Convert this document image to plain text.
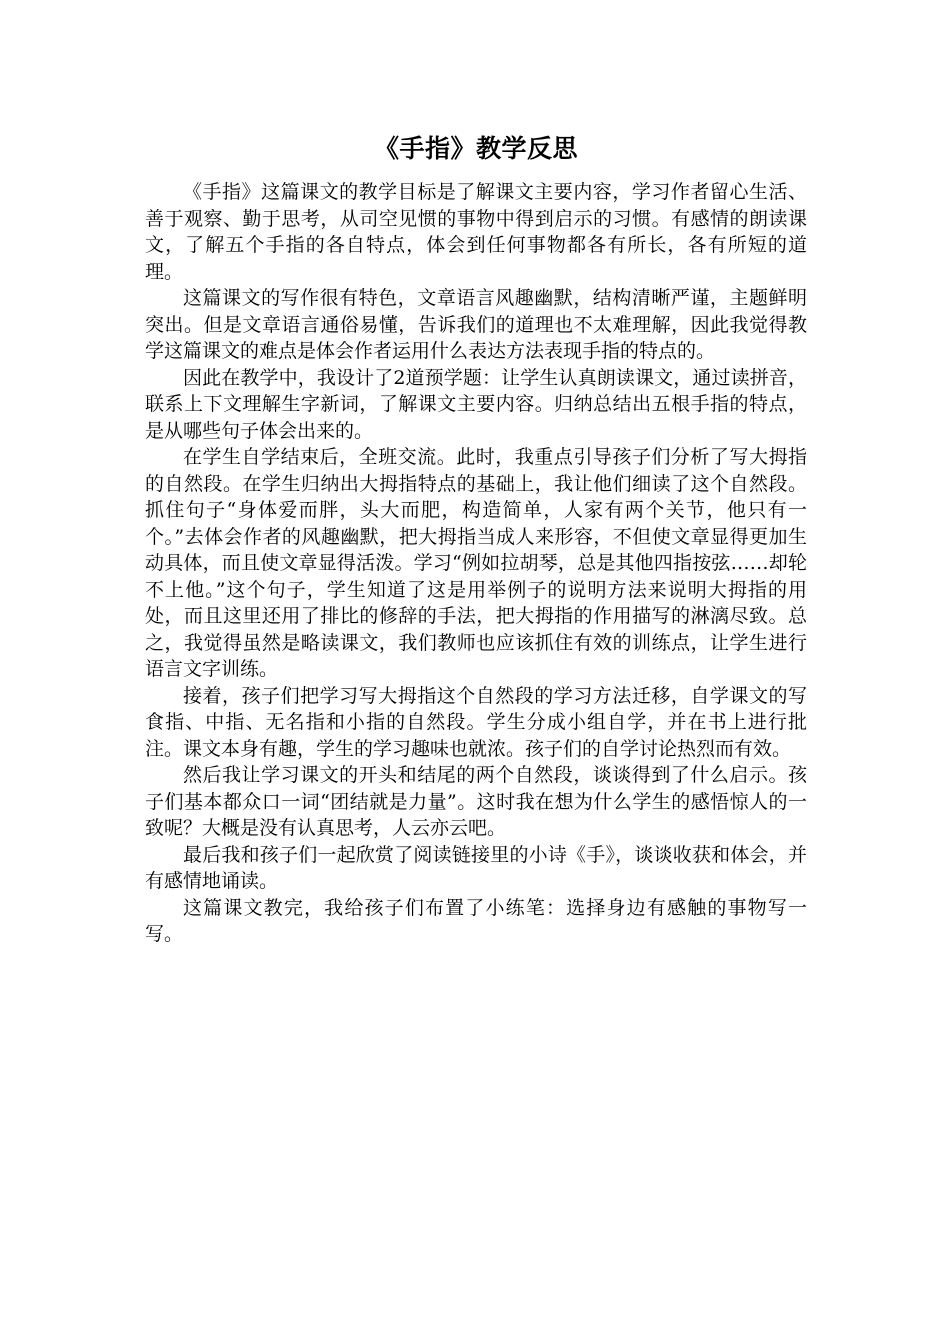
《手指》教学反思

《手指》这篇课文的教学目标是了解课文主要内容，学习作者留心生活、善于观察、勤于思考，从司空见惯的事物中得到启示的习惯。有感情的朗读课文，了解五个手指的各自特点，体会到任何事物都各有所长，各有所短的道理。

这篇课文的写作很有特色，文章语言风趣幽默，结构清晰严谨，主题鲜明突出。但是文章语言通俗易懂，告诉我们的道理也不太难理解，因此我觉得教学这篇课文的难点是体会作者运用什么表达方法表现手指的特点的。

因此在教学中，我设计了2道预学题：让学生认真朗读课文，通过读拼音，联系上下文理解生字新词，了解课文主要内容。归纳总结出五根手指的特点，是从哪些句子体会出来的。

在学生自学结束后，全班交流。此时，我重点引导孩子们分析了写大拇指的自然段。在学生归纳出大拇指特点的基础上，我让他们细读了这个自然段。抓住句子“身体爱而胖，头大而肥，构造简单，人家有两个关节，他只有一个。”去体会作者的风趣幽默，把大拇指当成人来形容，不但使文章显得更加生动具体，而且使文章显得活泼。学习“例如拉胡琴，总是其他四指按弦……却轮不上他。”这个句子，学生知道了这是用举例子的说明方法来说明大拇指的用处，而且这里还用了排比的修辞的手法，把大拇指的作用描写的淋漓尽致。总之，我觉得虽然是略读课文，我们教师也应该抓住有效的训练点，让学生进行语言文字训练。

接着，孩子们把学习写大拇指这个自然段的学习方法迁移，自学课文的写食指、中指、无名指和小指的自然段。学生分成小组自学，并在书上进行批注。课文本身有趣，学生的学习趣味也就浓。孩子们的自学讨论热烈而有效。

然后我让学习课文的开头和结尾的两个自然段，谈谈得到了什么启示。孩子们基本都众口一词“团结就是力量”。这时我在想为什么学生的感悟惊人的一致呢？大概是没有认真思考，人云亦云吧。

最后我和孩子们一起欣赏了阅读链接里的小诗《手》，谈谈收获和体会，并有感情地诵读。

这篇课文教完，我给孩子们布置了小练笔：选择身边有感触的事物写一写。
